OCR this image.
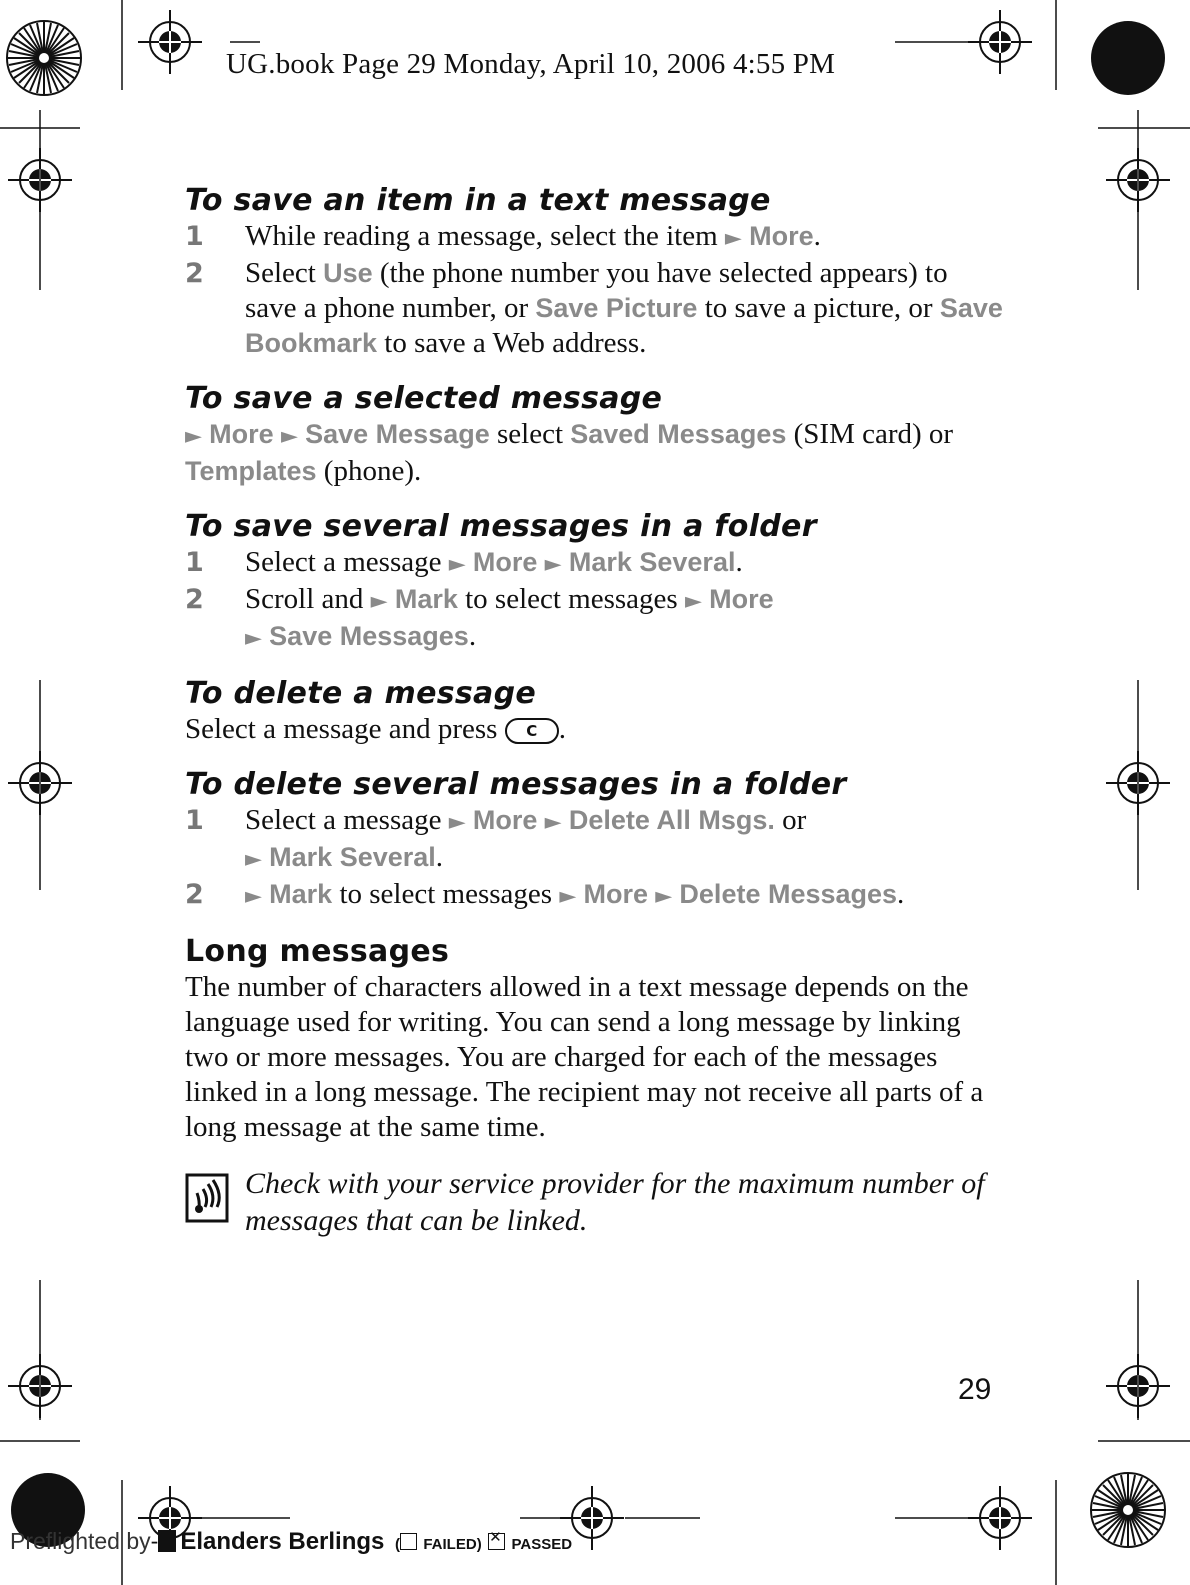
UG.book Page 29 Monday, April 10, 2006 4:55 PM
To save an item in a text message
1	While reading a message, select the item ► More.
2	Select Use (the phone number you have selected appears) to save a phone number, or Save Picture to save a picture, or Save Bookmark to save a Web address.
To save a selected message

► More ► Save Message select Saved Messages (SIM card) or Templates (phone).

To save several messages in a folder
1	Select a message ► More ► Mark Several.
2	Scroll and ► Mark to select messages ► More
► Save Messages.
To delete a message

Select a message and press C .

To delete several messages in a folder
1	Select a message ► More ► Delete All Msgs. or
► Mark Several.
2	► Mark to select messages ► More ► Delete Messages.
Long messages

The number of characters allowed in a text message depends on the language used for writing. You can send a long message by linking two or more messages. You are charged for each of the messages linked in a long message. The recipient may not receive all parts of a long message at the same time.

Check with your service provider for the maximum number of messages that can be linked.
29
Preflighted by- Elanders Berlings  ( FAILED) ✕ PASSED
